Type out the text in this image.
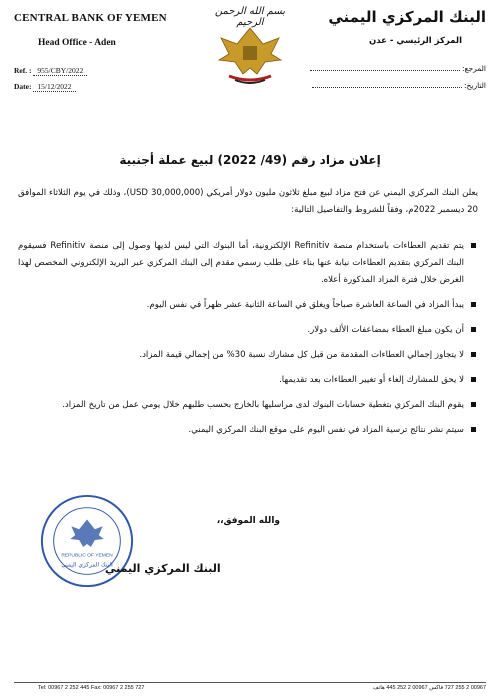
CENTRAL BANK OF YEMEN
Head Office - Aden
Ref. : 955/CBY/2022
Date: 15/12/2022
بسم الله الرحمن الرحيم	البنك المركزي اليمني
المركز الرئيسي - عدن
المرجع:
التاريخ:
إعلان مزاد رقم (49/ 2022) لبيع عملة أجنبية
يعلن البنك المركزي اليمني عن فتح مزاد لبيع مبلغ ثلاثون مليون دولار أمريكي (30,000,000 USD)، وذلك في يوم الثلاثاء الموافق 20 ديسمبر 2022م، وفقاً للشروط والتفاصيل التالية:
يتم تقديم العطاءات باستخدام منصة Refinitiv الإلكترونية، أما البنوك التي ليس لديها وصول إلى منصة Refinitiv فسيقوم البنك المركزي بتقديم العطاءات نيابة عنها بناء على طلب رسمي مقدم إلى البنك المركزي عبر البريد الإلكتروني المخصص لهذا الغرض خلال فترة المزاد المذكورة أعلاه.
يبدأ المزاد في الساعة العاشرة صباحاً ويغلق في الساعة الثانية عشر ظهراً في نفس اليوم.
أن يكون مبلغ العطاء بمضاعفات الألف دولار.
لا يتجاوز إجمالي العطاءات المقدمة من قبل كل مشارك نسبة 30% من إجمالي قيمة المزاد.
لا يحق للمشارك إلغاء أو تغيير العطاءات بعد تقديمها.
يقوم البنك المركزي بتغطية حسابات البنوك لدى مراسليها بالخارج بحسب طلبهم خلال يومي عمل من تاريخ المزاد.
سيتم نشر نتائج ترسية المزاد في نفس اليوم على موقع البنك المركزي اليمني.
والله الموفق،،
REPUBLIC OF YEMEN
البنك المركزي اليمني
البنك المركزي اليمني
Tel: 00967 2 252 445 Fax: 00967 2 255 727	00967 2 255 727 فاكس 00967 2 252 445 هاتف
